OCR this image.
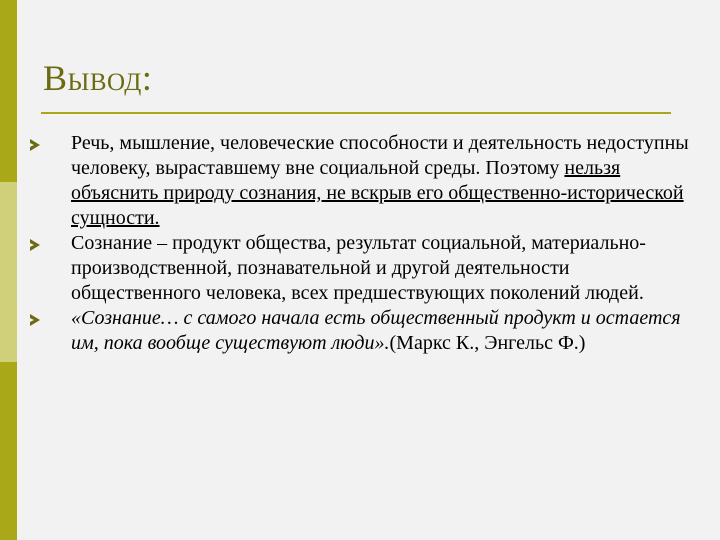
Вывод:
Речь, мышление, человеческие способности и деятельность недоступны человеку, выраставшему вне социальной среды. Поэтому нельзя объяснить природу сознания, не вскрыв его общественно-исторической сущности.
Сознание – продукт общества, результат социальной, материально-производственной, познавательной и другой деятельности общественного человека, всех предшествующих поколений людей.
«Сознание… с самого начала есть общественный продукт и остается им, пока вообще существуют люди».(Маркс К., Энгельс Ф.)
